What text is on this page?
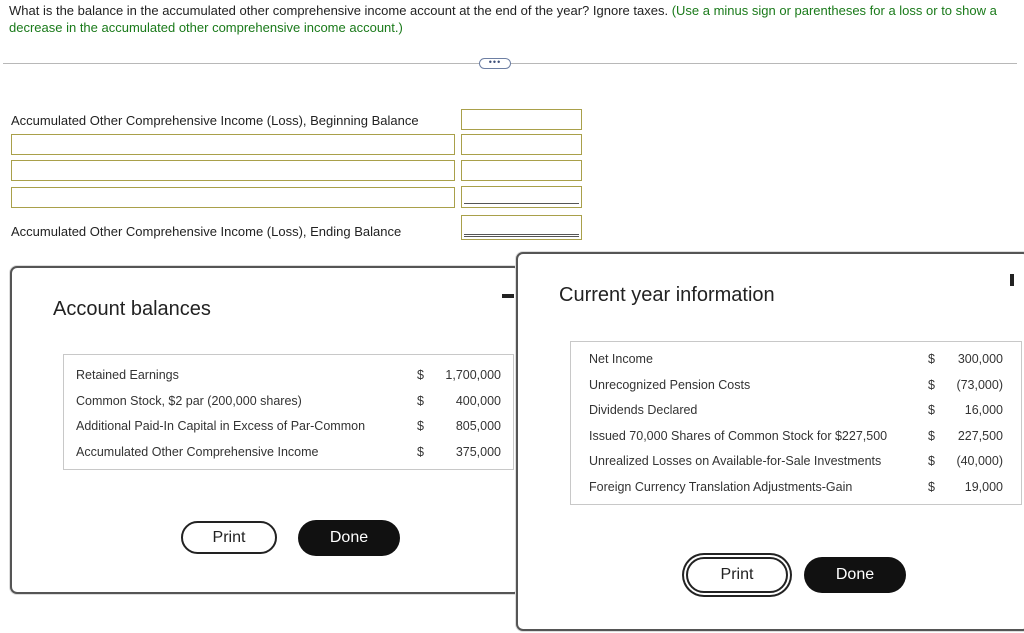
What is the balance in the accumulated other comprehensive income account at the end of the year? Ignore taxes. (Use a minus sign or parentheses for a loss or to show a decrease in the accumulated other comprehensive income account.)
•••
Accumulated Other Comprehensive Income (Loss), Beginning Balance
Accumulated Other Comprehensive Income (Loss), Ending Balance
Account balances
Retained Earnings	$ 1,700,000
Common Stock, $2 par (200,000 shares)	$	400,000
Additional Paid-In Capital in Excess of Par-Common	$	805,000
Accumulated Other Comprehensive Income	$	375,000
Print	Done
Current year information
Net Income	$ 300,000
Unrecognized Pension Costs	$ (73,000)
Dividends Declared	$ 16,000
Issued 70,000 Shares of Common Stock for $227,500	$ 227,500
Unrealized Losses on Available-for-Sale Investments	$ (40,000)
Foreign Currency Translation Adjustments-Gain	$ 19,000
Print	Done
